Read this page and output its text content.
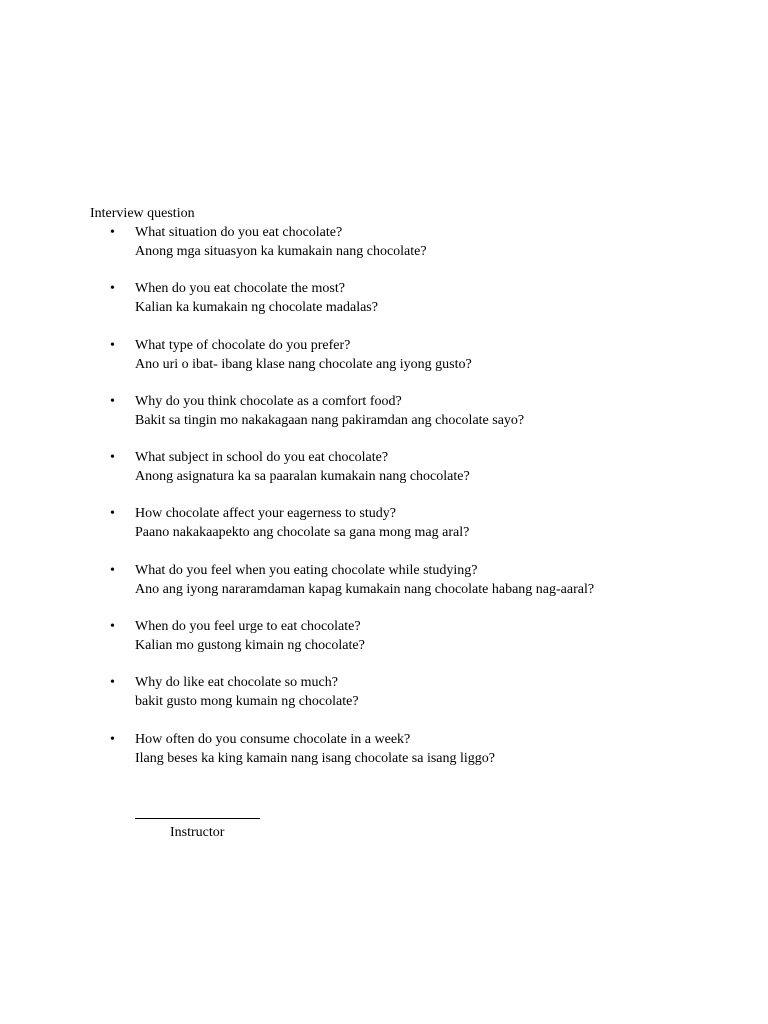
Interview question
• What situation do you eat chocolate?
Anong mga situasyon ka kumakain nang chocolate?
• When do you eat chocolate the most?
Kalian ka kumakain ng chocolate madalas?
• What type of chocolate do you prefer?
Ano uri o ibat- ibang klase nang chocolate ang iyong gusto?
• Why do you think chocolate as a comfort food?
Bakit sa tingin mo nakakagaan nang pakiramdan ang chocolate sayo?
• What subject in school do you eat chocolate?
Anong asignatura ka sa paaralan kumakain nang chocolate?
• How chocolate affect your eagerness to study?
Paano nakakaapekto ang chocolate sa gana mong mag aral?
• What do you feel when you eating chocolate while studying?
Ano ang iyong nararamdaman kapag kumakain nang chocolate habang nag-aaral?
• When do you feel urge to eat chocolate?
Kalian mo gustong kimain ng chocolate?
• Why do like eat chocolate so much?
bakit gusto mong kumain ng chocolate?
• How often do you consume chocolate in a week?
Ilang beses ka king kamain nang isang chocolate sa isang liggo?
Instructor
